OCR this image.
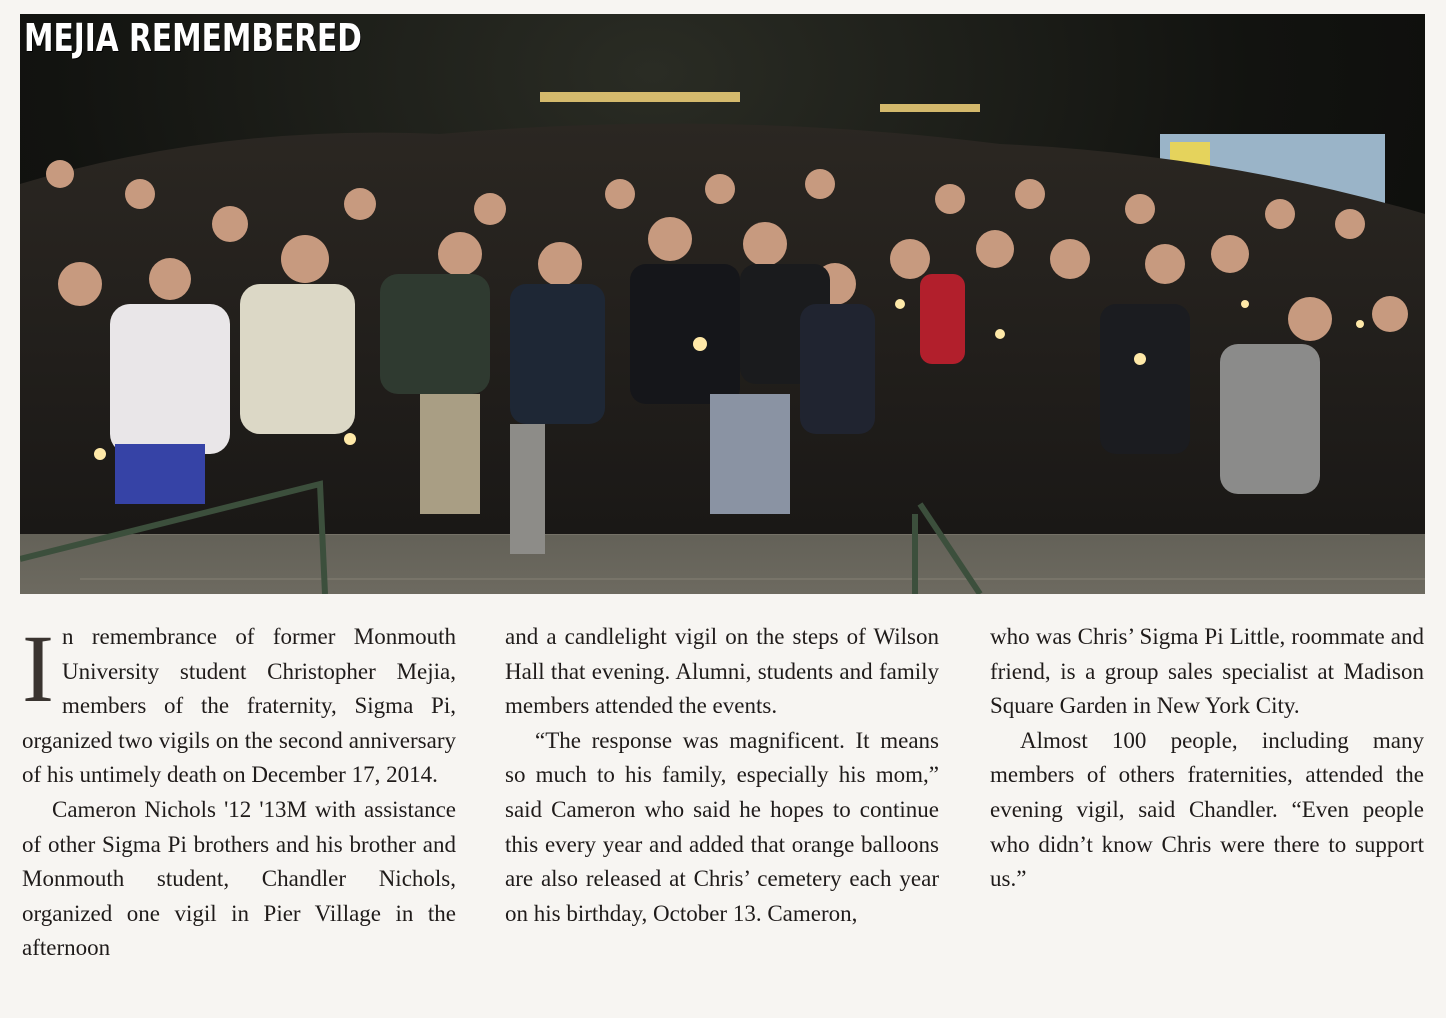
MEJIA REMEMBERED

In remembrance of former Monmouth University student Christopher Mejia, members of the fraternity, Sigma Pi, organized two vigils on the second anniversary of his untimely death on December 17, 2014.

Cameron Nichols '12 '13M with assistance of other Sigma Pi brothers and his brother and Monmouth student, Chandler Nichols, organized one vigil in Pier Village in the afternoon

and a candlelight vigil on the steps of Wilson Hall that evening. Alumni, students and family members attended the events.

“The response was magnificent. It means so much to his family, especially his mom,” said Cameron who said he hopes to continue this every year and added that orange balloons are also released at Chris’ cemetery each year on his birthday, October 13. Cameron,

who was Chris’ Sigma Pi Little, roommate and friend, is a group sales specialist at Madison Square Garden in New York City.

Almost 100 people, including many members of others fraternities, attended the evening vigil, said Chandler. “Even people who didn’t know Chris were there to support us.”
